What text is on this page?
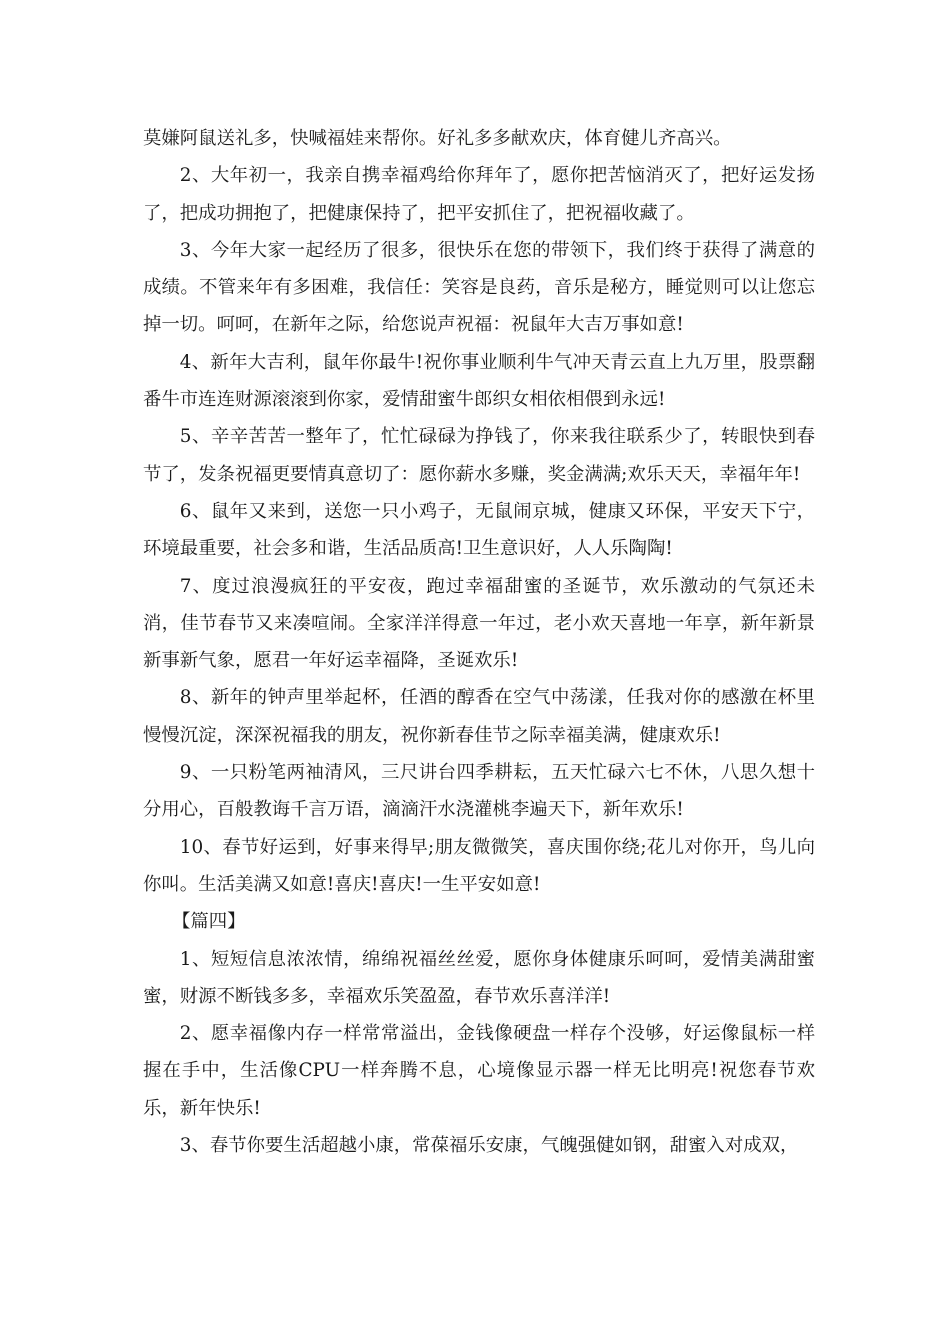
莫嫌阿鼠送礼多，快喊福娃来帮你。好礼多多献欢庆，体育健儿齐高兴。

2、大年初一，我亲自携幸福鸡给你拜年了，愿你把苦恼消灭了，把好运发扬了，把成功拥抱了，把健康保持了，把平安抓住了，把祝福收藏了。

3、今年大家一起经历了很多，很快乐在您的带领下，我们终于获得了满意的成绩。不管来年有多困难，我信任：笑容是良药，音乐是秘方，睡觉则可以让您忘掉一切。呵呵，在新年之际，给您说声祝福：祝鼠年大吉万事如意!

4、新年大吉利，鼠年你最牛!祝你事业顺利牛气冲天青云直上九万里，股票翻番牛市连连财源滚滚到你家，爱情甜蜜牛郎织女相依相偎到永远!

5、辛辛苦苦一整年了，忙忙碌碌为挣钱了，你来我往联系少了，转眼快到春节了，发条祝福更要情真意切了：愿你薪水多赚，奖金满满;欢乐天天，幸福年年!

6、鼠年又来到，送您一只小鸡子，无鼠闹京城，健康又环保，平安天下宁，环境最重要，社会多和谐，生活品质高!卫生意识好，人人乐陶陶!

7、度过浪漫疯狂的平安夜，跑过幸福甜蜜的圣诞节，欢乐激动的气氛还未消，佳节春节又来凑喧闹。全家洋洋得意一年过，老小欢天喜地一年享，新年新景新事新气象，愿君一年好运幸福降，圣诞欢乐!

8、新年的钟声里举起杯，任酒的醇香在空气中荡漾，任我对你的感激在杯里慢慢沉淀，深深祝福我的朋友，祝你新春佳节之际幸福美满，健康欢乐!

9、一只粉笔两袖清风，三尺讲台四季耕耘，五天忙碌六七不休，八思久想十分用心，百般教诲千言万语，滴滴汗水浇灌桃李遍天下，新年欢乐!

10、春节好运到，好事来得早;朋友微微笑，喜庆围你绕;花儿对你开，鸟儿向你叫。生活美满又如意!喜庆!喜庆!一生平安如意!

【篇四】

1、短短信息浓浓情，绵绵祝福丝丝爱，愿你身体健康乐呵呵，爱情美满甜蜜蜜，财源不断钱多多，幸福欢乐笑盈盈，春节欢乐喜洋洋!

2、愿幸福像内存一样常常溢出，金钱像硬盘一样存个没够，好运像鼠标一样握在手中，生活像CPU一样奔腾不息，心境像显示器一样无比明亮!祝您春节欢乐，新年快乐!

3、春节你要生活超越小康，常葆福乐安康，气魄强健如钢，甜蜜入对成双，
